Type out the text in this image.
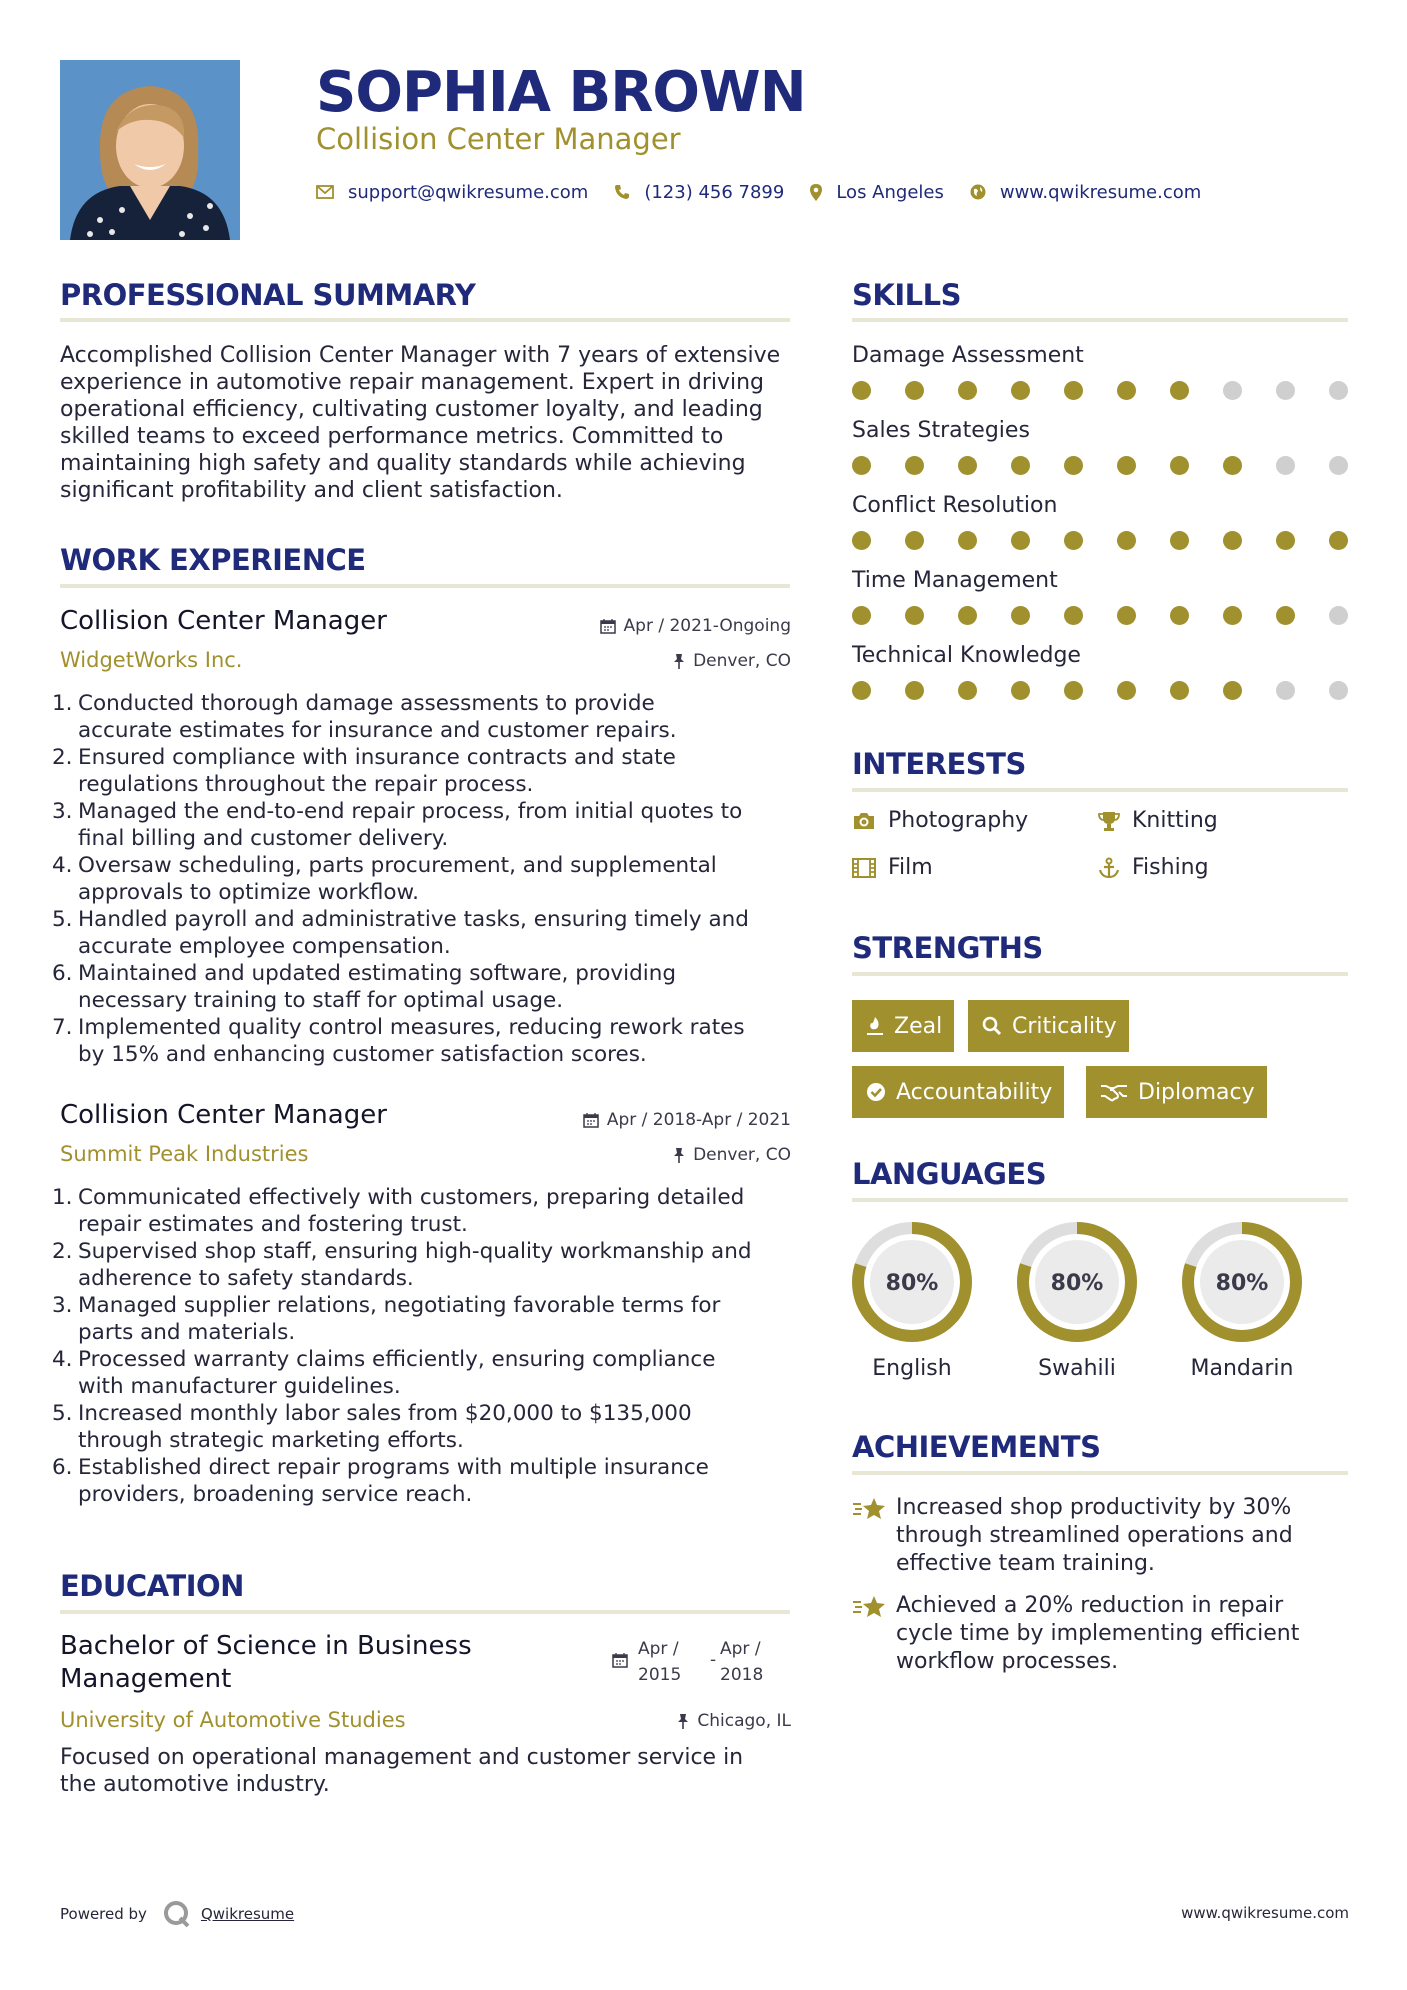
SOPHIA BROWN
Collision Center Manager
support@qwikresume.com	(123) 456 7899	Los Angeles	www.qwikresume.com
PROFESSIONAL SUMMARY
Accomplished Collision Center Manager with 7 years of extensive
experience in automotive repair management. Expert in driving
operational efficiency, cultivating customer loyalty, and leading
skilled teams to exceed performance metrics. Committed to
maintaining high safety and quality standards while achieving
significant profitability and client satisfaction.
WORK EXPERIENCE
Collision Center Manager	Apr / 2021-Ongoing
WidgetWorks Inc.	Denver, CO
1. Conducted thorough damage assessments to provide
accurate estimates for insurance and customer repairs.
2. Ensured compliance with insurance contracts and state
regulations throughout the repair process.
3. Managed the end-to-end repair process, from initial quotes to
final billing and customer delivery.
4. Oversaw scheduling, parts procurement, and supplemental
approvals to optimize workflow.
5. Handled payroll and administrative tasks, ensuring timely and
accurate employee compensation.
6. Maintained and updated estimating software, providing
necessary training to staff for optimal usage.
7. Implemented quality control measures, reducing rework rates
by 15% and enhancing customer satisfaction scores.
Collision Center Manager	Apr / 2018-Apr / 2021
Summit Peak Industries	Denver, CO
1. Communicated effectively with customers, preparing detailed
repair estimates and fostering trust.
2. Supervised shop staff, ensuring high-quality workmanship and
adherence to safety standards.
3. Managed supplier relations, negotiating favorable terms for
parts and materials.
4. Processed warranty claims efficiently, ensuring compliance
with manufacturer guidelines.
5. Increased monthly labor sales from $20,000 to $135,000
through strategic marketing efforts.
6. Established direct repair programs with multiple insurance
providers, broadening service reach.
EDUCATION
Bachelor of Science in Business
Management
Apr /
2015
-
Apr /
2018
University of Automotive Studies	Chicago, IL
Focused on operational management and customer service in
the automotive industry.
SKILLS
Damage Assessment
Sales Strategies
Conflict Resolution
Time Management
Technical Knowledge
INTERESTS
Photography	Knitting
Film	Fishing
STRENGTHS
Zeal	Criticality
Accountability	Diplomacy
LANGUAGES
80%
English
80%
Swahili
80%
Mandarin
ACHIEVEMENTS
Increased shop productivity by 30%
through streamlined operations and
effective team training.
Achieved a 20% reduction in repair
cycle time by implementing efficient
workflow processes.
Powered by	Qwikresume	www.qwikresume.com
